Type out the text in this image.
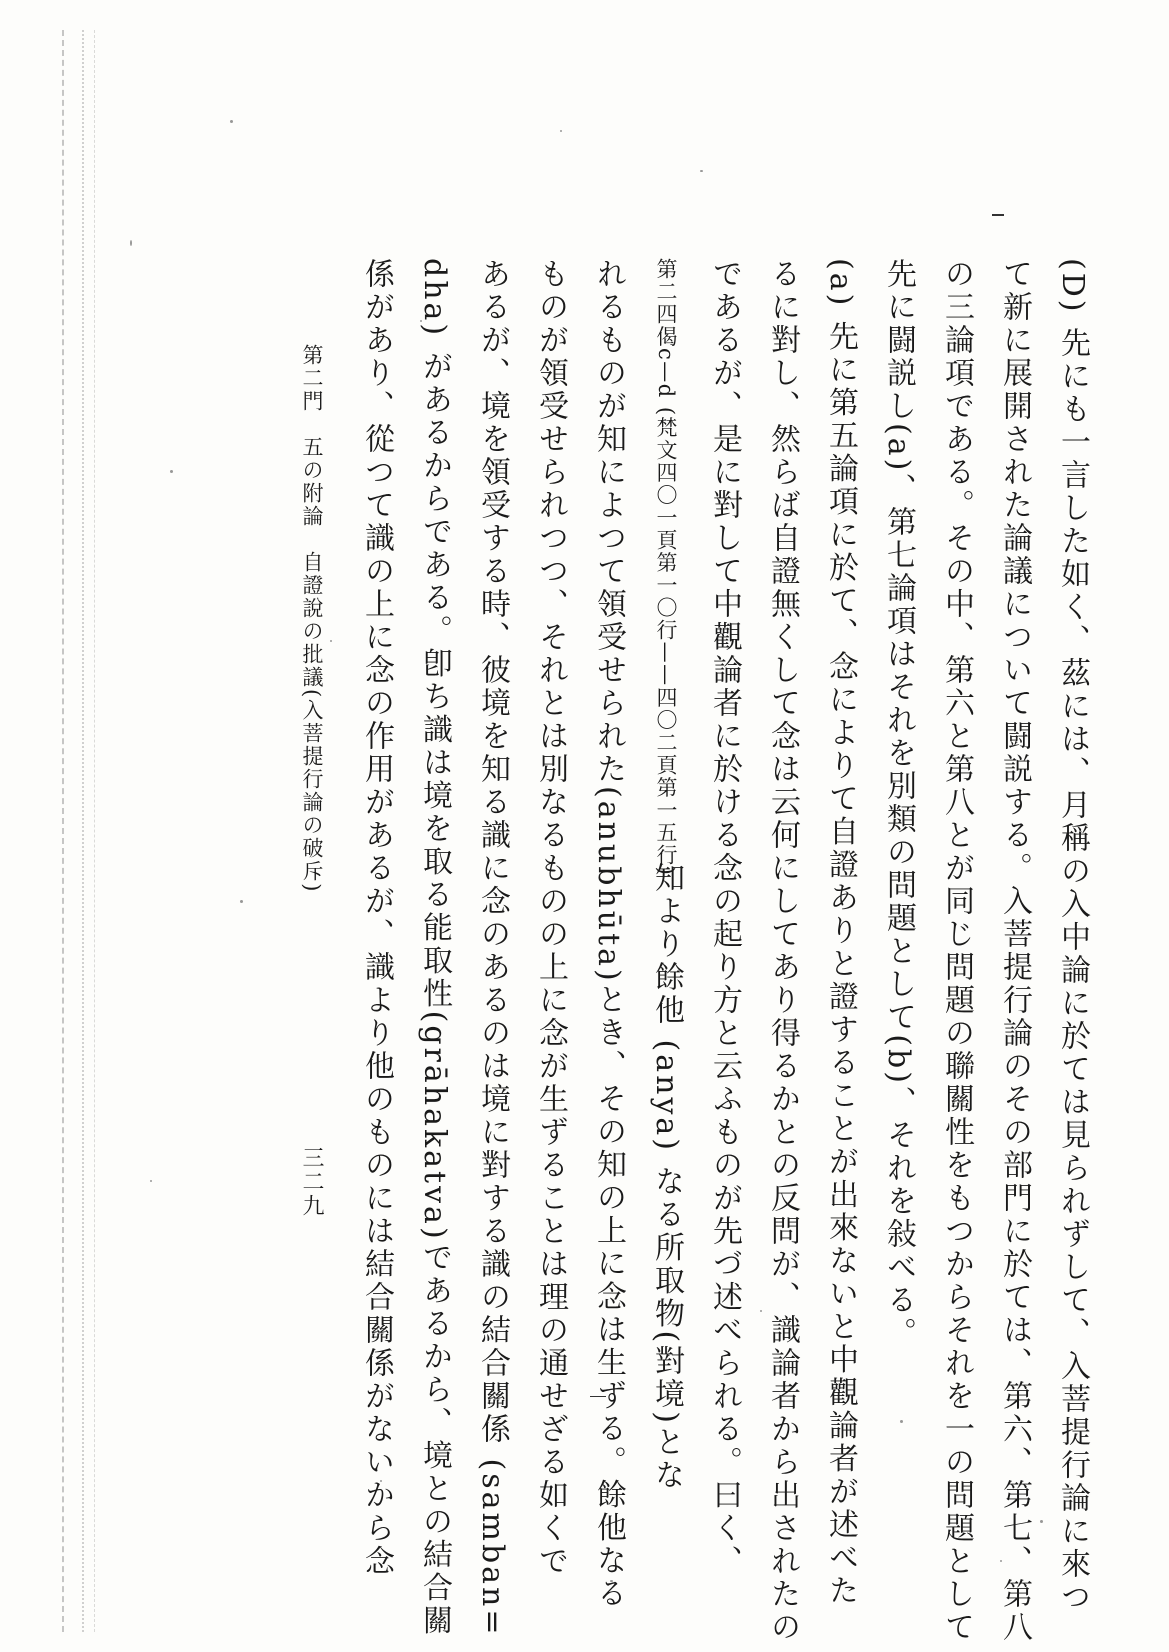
(D) 先にも一言した如く、茲には、月稱の入中論に於ては見られずして、入菩提行論に來つ
て新に展開された論議について闘説する。入菩提行論のその部門に於ては、第六、第七、第八
の三論項である。その中、第六と第八とが同じ問題の聯關性をもつからそれを一の問題として
先に闘説し(a)、第七論項はそれを別類の問題として(b)、それを敍べる。
(a) 先に第五論項に於て、念によりて自證ありと證することが出來ないと中觀論者が述べた
るに對し、然らば自證無くして念は云何にしてあり得るかとの反問が、識論者から出されたの
であるが、是に對して中觀論者に於ける念の起り方と云ふものが先づ述べられる。曰く、
第二四偈c—d (梵文四〇一頁第一〇行——四〇二頁第一五行)
知より餘他 (anya) なる所取物(對境)とな
れるものが知によつて領受せられた(anubhūta)とき、その知の上に念は生ずる。餘他なる
ものが領受せられつつ、それとは別なるものの上に念が生ずることは理の通せざる如くで
あるが、境を領受する時、彼境を知る識に念のあるのは境に對する識の結合關係 (samban=
dha) があるからである。卽ち識は境を取る能取性(grāhakatva)であるから、境との結合關
係があり、從つて識の上に念の作用があるが、識より他のものには結合關係がないから念
第二門　五の附論　自證說の批議(入菩提行論の破斥)
三二九
